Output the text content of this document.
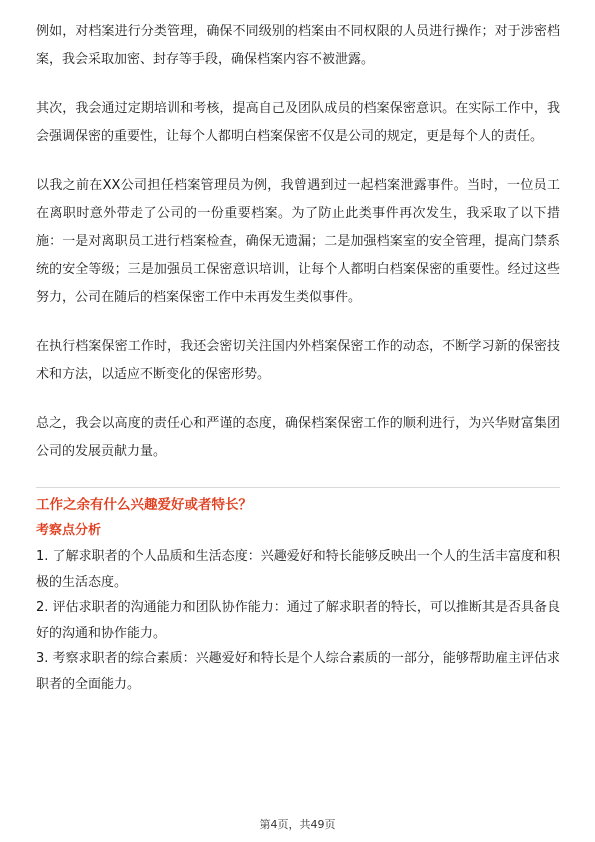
例如，对档案进行分类管理，确保不同级别的档案由不同权限的人员进行操作；对于涉密档案，我会采取加密、封存等手段，确保档案内容不被泄露。

其次，我会通过定期培训和考核，提高自己及团队成员的档案保密意识。在实际工作中，我会强调保密的重要性，让每个人都明白档案保密不仅是公司的规定，更是每个人的责任。

以我之前在XX公司担任档案管理员为例，我曾遇到过一起档案泄露事件。当时，一位员工在离职时意外带走了公司的一份重要档案。为了防止此类事件再次发生，我采取了以下措施：一是对离职员工进行档案检查，确保无遗漏；二是加强档案室的安全管理，提高门禁系统的安全等级；三是加强员工保密意识培训，让每个人都明白档案保密的重要性。经过这些努力，公司在随后的档案保密工作中未再发生类似事件。

在执行档案保密工作时，我还会密切关注国内外档案保密工作的动态，不断学习新的保密技术和方法，以适应不断变化的保密形势。

总之，我会以高度的责任心和严谨的态度，确保档案保密工作的顺利进行，为兴华财富集团公司的发展贡献力量。

工作之余有什么兴趣爱好或者特长？
考察点分析

1. 了解求职者的个人品质和生活态度：兴趣爱好和特长能够反映出一个人的生活丰富度和积极的生活态度。

2. 评估求职者的沟通能力和团队协作能力：通过了解求职者的特长，可以推断其是否具备良好的沟通和协作能力。

3. 考察求职者的综合素质：兴趣爱好和特长是个人综合素质的一部分，能够帮助雇主评估求职者的全面能力。

第4页，共49页
